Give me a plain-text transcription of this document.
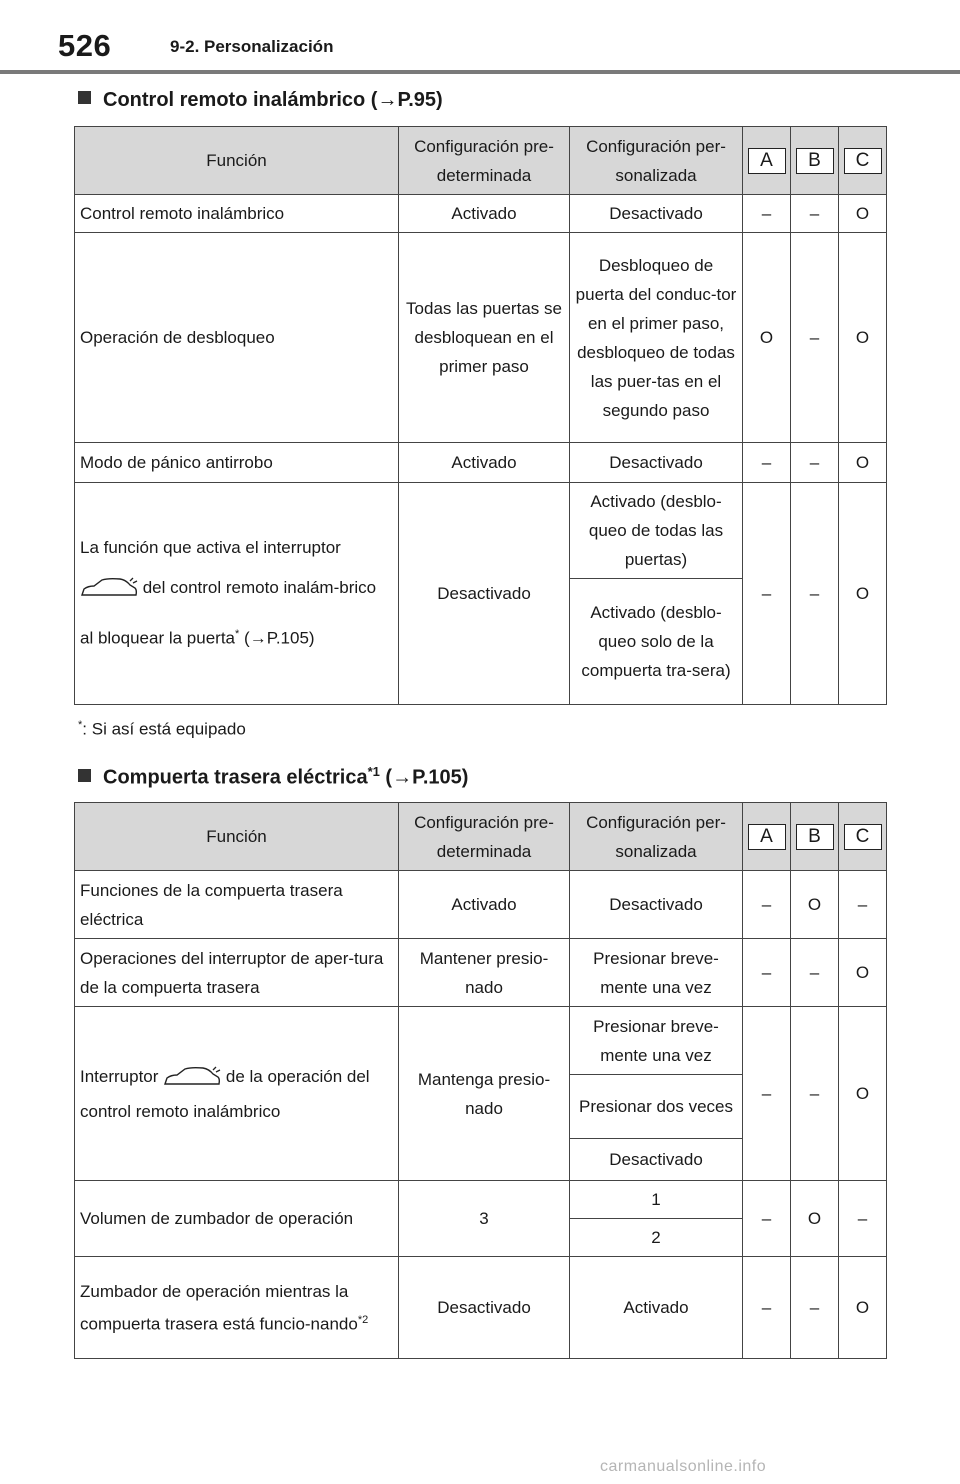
526	9-2. Personalización
Control remoto inalámbrico (→P.95)
Función	Configuración pre-determinada	Configuración per-sonalizada	A	B	C
Control remoto inalámbrico	Activado	Desactivado	–	–	O
Operación de desbloqueo	Todas las puertas se desbloquean en el primer paso	Desbloqueo de puerta del conduc-tor en el primer paso, desbloqueo de todas las puer-tas en el segundo paso	O	–	O
Modo de pánico antirrobo	Activado	Desactivado	–	–	O
La función que activa el interruptor
del control remoto inalám-brico al bloquear la puerta* (→P.105)	Desactivado	Activado (desblo-queo de todas las puertas)	–	–	O
		Activado (desblo-queo solo de la compuerta tra-sera)			
*: Si así está equipado
Compuerta trasera eléctrica$^{*1}$ (→P.105)
Función	Configuración pre-determinada	Configuración per-sonalizada	A	B	C
Funciones de la compuerta trasera eléctrica	Activado	Desactivado	–	O	–
Operaciones del interruptor de aper-tura de la compuerta trasera	Mantener presio-nado	Presionar breve-mente una vez	–	–	O
Interruptor de la operación del control remoto inalámbrico	Mantenga presio-nado	Presionar breve-mente una vez	–	–	O
		Presionar dos veces			
		Desactivado			
Volumen de zumbador de operación	3	1	–	O	–
		2			
Zumbador de operación mientras la compuerta trasera está funcio-nando$^{*2}$	Desactivado	Activado	–	–	O
carmanualsonline.info
